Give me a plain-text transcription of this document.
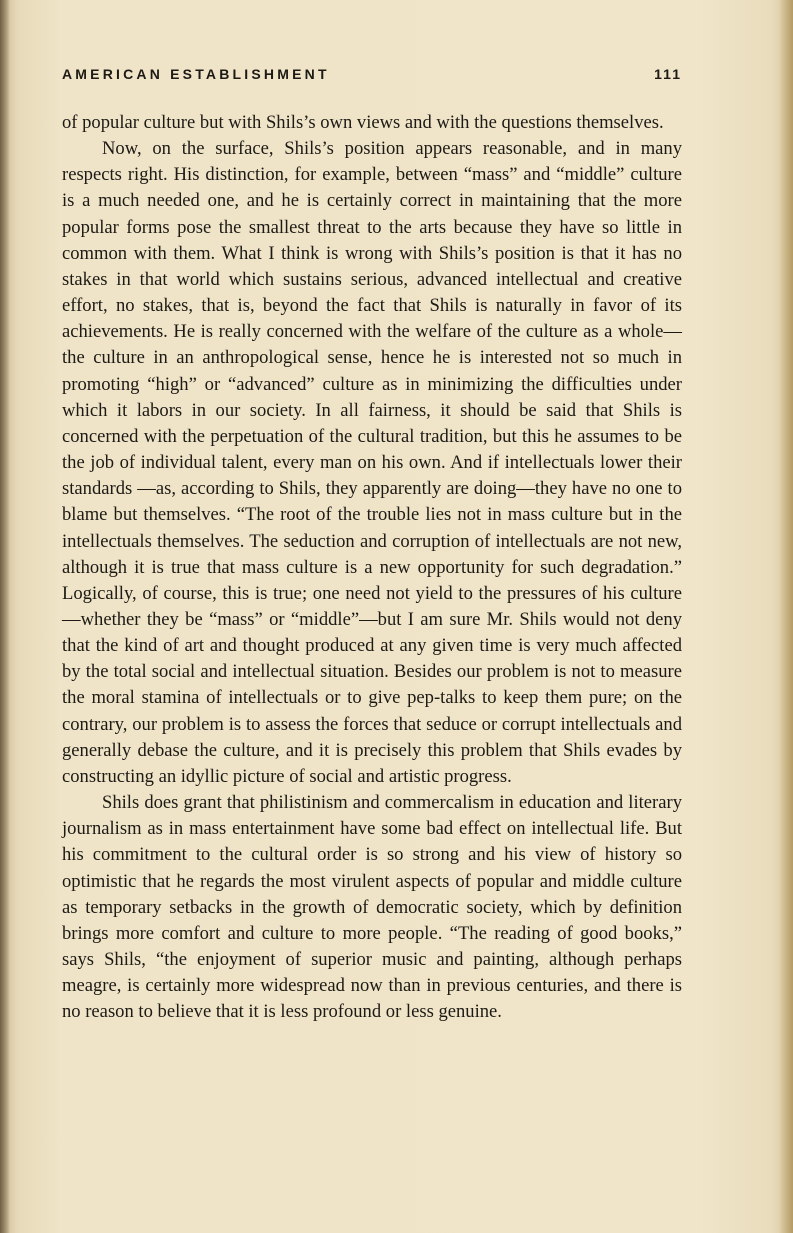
AMERICAN ESTABLISHMENT	111

of popular culture but with Shils’s own views and with the questions themselves.

Now, on the surface, Shils’s position appears reasonable, and in many respects right. His distinction, for example, between “mass” and “middle” culture is a much needed one, and he is certainly correct in maintaining that the more popular forms pose the smallest threat to the arts because they have so little in common with them. What I think is wrong with Shils’s position is that it has no stakes in that world which sustains serious, advanced intellectual and creative effort, no stakes, that is, beyond the fact that Shils is naturally in favor of its achievements. He is really concerned with the welfare of the culture as a whole—the culture in an anthropological sense, hence he is interested not so much in promoting “high” or “advanced” culture as in minimizing the difficulties under which it labors in our society. In all fairness, it should be said that Shils is concerned with the perpetuation of the cultural tradition, but this he assumes to be the job of individual talent, every man on his own. And if intellectuals lower their standards —as, according to Shils, they apparently are doing—they have no one to blame but themselves. “The root of the trouble lies not in mass culture but in the intellectuals themselves. The seduction and corruption of intellectuals are not new, although it is true that mass culture is a new opportunity for such degradation.” Logically, of course, this is true; one need not yield to the pressures of his culture—whether they be “mass” or “middle”—but I am sure Mr. Shils would not deny that the kind of art and thought produced at any given time is very much affected by the total social and intellectual situation. Besides our problem is not to measure the moral stamina of intellectuals or to give pep-talks to keep them pure; on the contrary, our problem is to assess the forces that seduce or corrupt intellectuals and generally debase the culture, and it is precisely this problem that Shils evades by constructing an idyllic picture of social and artistic progress.

Shils does grant that philistinism and commercalism in education and literary journalism as in mass entertainment have some bad effect on intellectual life. But his commitment to the cultural order is so strong and his view of history so optimistic that he regards the most virulent aspects of popular and middle culture as temporary setbacks in the growth of democratic society, which by definition brings more comfort and culture to more people. “The reading of good books,” says Shils, “the enjoyment of superior music and painting, although perhaps meagre, is certainly more widespread now than in previous centuries, and there is no reason to believe that it is less profound or less genuine.
